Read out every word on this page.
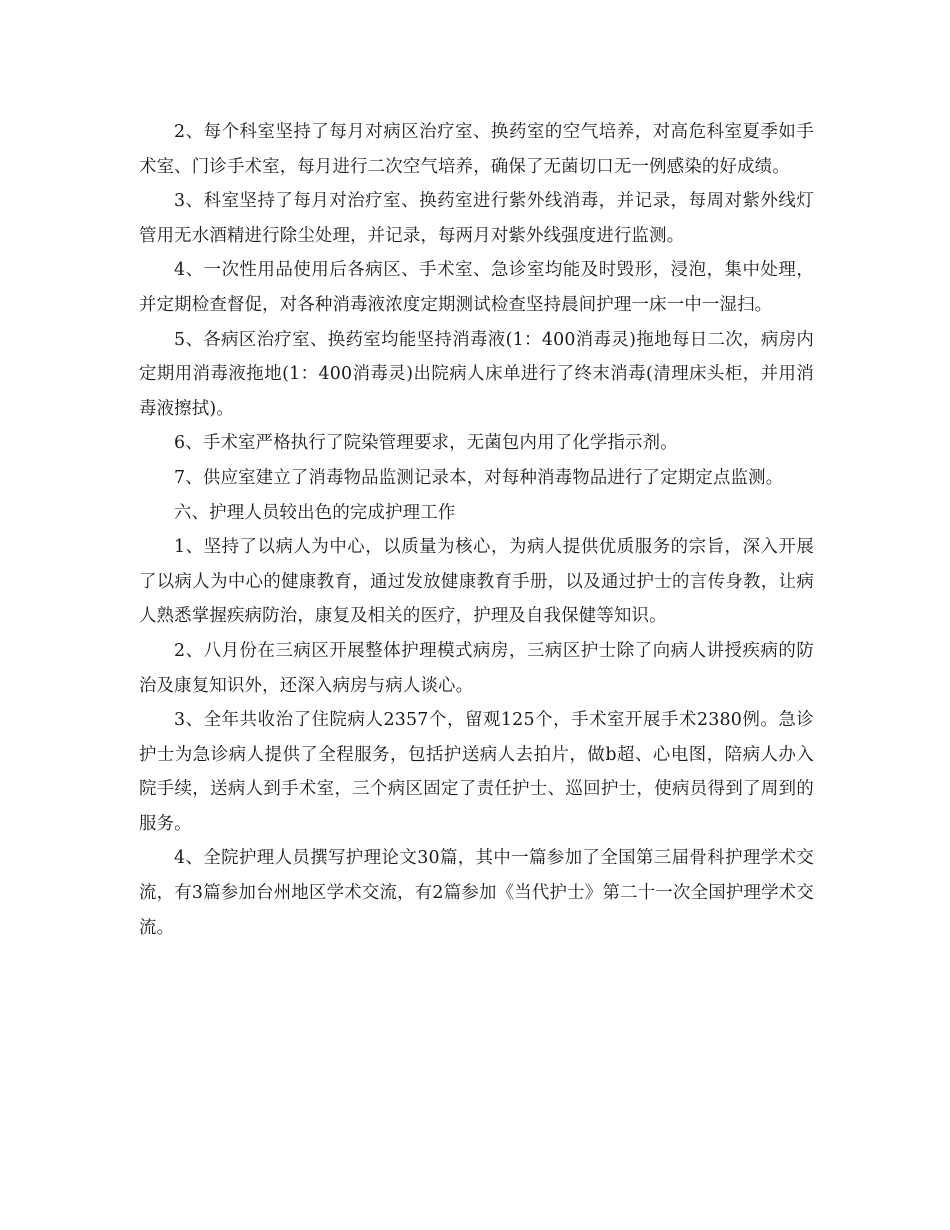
2、每个科室坚持了每月对病区治疗室、换药室的空气培养，对高危科室夏季如手术室、门诊手术室，每月进行二次空气培养，确保了无菌切口无一例感染的好成绩。

3、科室坚持了每月对治疗室、换药室进行紫外线消毒，并记录，每周对紫外线灯管用无水酒精进行除尘处理，并记录，每两月对紫外线强度进行监测。

4、一次性用品使用后各病区、手术室、急诊室均能及时毁形，浸泡，集中处理，并定期检查督促，对各种消毒液浓度定期测试检查坚持晨间护理一床一中一湿扫。

5、各病区治疗室、换药室均能坚持消毒液(1：400消毒灵)拖地每日二次，病房内定期用消毒液拖地(1：400消毒灵)出院病人床单进行了终末消毒(清理床头柜，并用消毒液擦拭)。

6、手术室严格执行了院染管理要求，无菌包内用了化学指示剂。

7、供应室建立了消毒物品监测记录本，对每种消毒物品进行了定期定点监测。

六、护理人员较出色的完成护理工作

1、坚持了以病人为中心，以质量为核心，为病人提供优质服务的宗旨，深入开展了以病人为中心的健康教育，通过发放健康教育手册，以及通过护士的言传身教，让病人熟悉掌握疾病防治，康复及相关的医疗，护理及自我保健等知识。

2、八月份在三病区开展整体护理模式病房，三病区护士除了向病人讲授疾病的防治及康复知识外，还深入病房与病人谈心。

3、全年共收治了住院病人2357个，留观125个，手术室开展手术2380例。急诊护士为急诊病人提供了全程服务，包括护送病人去拍片，做b超、心电图，陪病人办入院手续，送病人到手术室，三个病区固定了责任护士、巡回护士，使病员得到了周到的服务。

4、全院护理人员撰写护理论文30篇，其中一篇参加了全国第三届骨科护理学术交流，有3篇参加台州地区学术交流，有2篇参加《当代护士》第二十一次全国护理学术交流。
